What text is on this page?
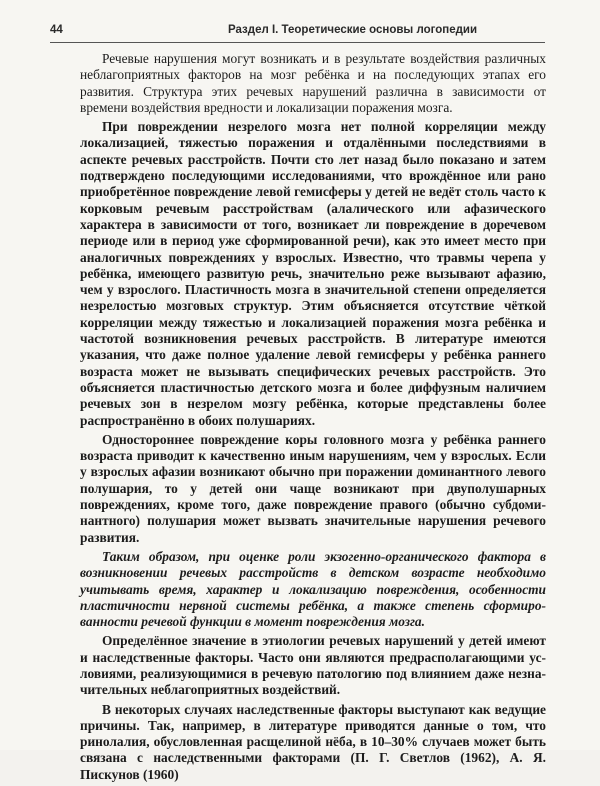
44	Раздел I. Теоретические основы логопедии

Речевые нарушения могут возникать и в результате воздействия различных неблагоприятных факторов на мозг ребёнка и на последующих этапах его развития. Структура этих речевых нарушений различна в зависимости от времени воздействия вредности и локализации поражения мозга.

При повреждении незрелого мозга нет полной корреляции между локализацией, тяжестью поражения и отдалёнными последствиями в аспекте речевых расстройств. Почти сто лет назад было показано и затем подтверждено последующими исследованиями, что врождённое или рано приобретённое повреждение левой гемисферы у детей не ведёт столь часто к корковым речевым расстройствам (алалического или афазического характера в зависимости от того, возникает ли повреждение в доречевом периоде или в период уже сформированной речи), как это имеет место при аналогичных повреждениях у взрослых. Известно, что травмы черепа у ребёнка, имеющего развитую речь, значительно реже вызывают афазию, чем у взрослого. Пластичность мозга в значительной степени определяется незрелостью мозговых структур. Этим объясняется отсутствие чёткой корреляции между тяжестью и локализацией поражения мозга ребёнка и частотой возникновения речевых расстройств. В литературе имеются указания, что даже полное удаление левой гемисферы у ребёнка раннего возраста может не вызывать специфических речевых расстройств. Это объясняется пластичностью детского мозга и более диффузным наличием речевых зон в незрелом мозгу ребёнка, которые представлены более распространённо в обоих полушариях.

Одностороннее повреждение коры головного мозга у ребёнка раннего возраста приводит к качественно иным нарушениям, чем у взрослых. Если у взрослых афазии возникают обычно при поражении доминантного левого полушария, то у детей они чаще возникают при двуполушарных повреждениях, кроме того, даже повреждение правого (обычно субдоминантного) полушария может вызвать значительные нарушения речевого развития.

Таким образом, при оценке роли экзогенно-органического фактора в возникновении речевых расстройств в детском возрасте необходимо учитывать время, характер и локализацию повреждения, особенности пластичности нервной системы ребёнка, а также степень сформированности речевой функции в момент повреждения мозга.

Определённое значение в этиологии речевых нарушений у детей имеют и наследственные факторы. Часто они являются предрасполагающими условиями, реализующимися в речевую патологию под влиянием даже незначительных неблагоприятных воздействий.

В некоторых случаях наследственные факторы выступают как ведущие причины. Так, например, в литературе приводятся данные о том, что ринолалия, обусловленная расщелиной нёба, в 10–30% случаев может быть связана с наследственными факторами (П. Г. Светлов (1962), А. Я. Пискунов (1960)
